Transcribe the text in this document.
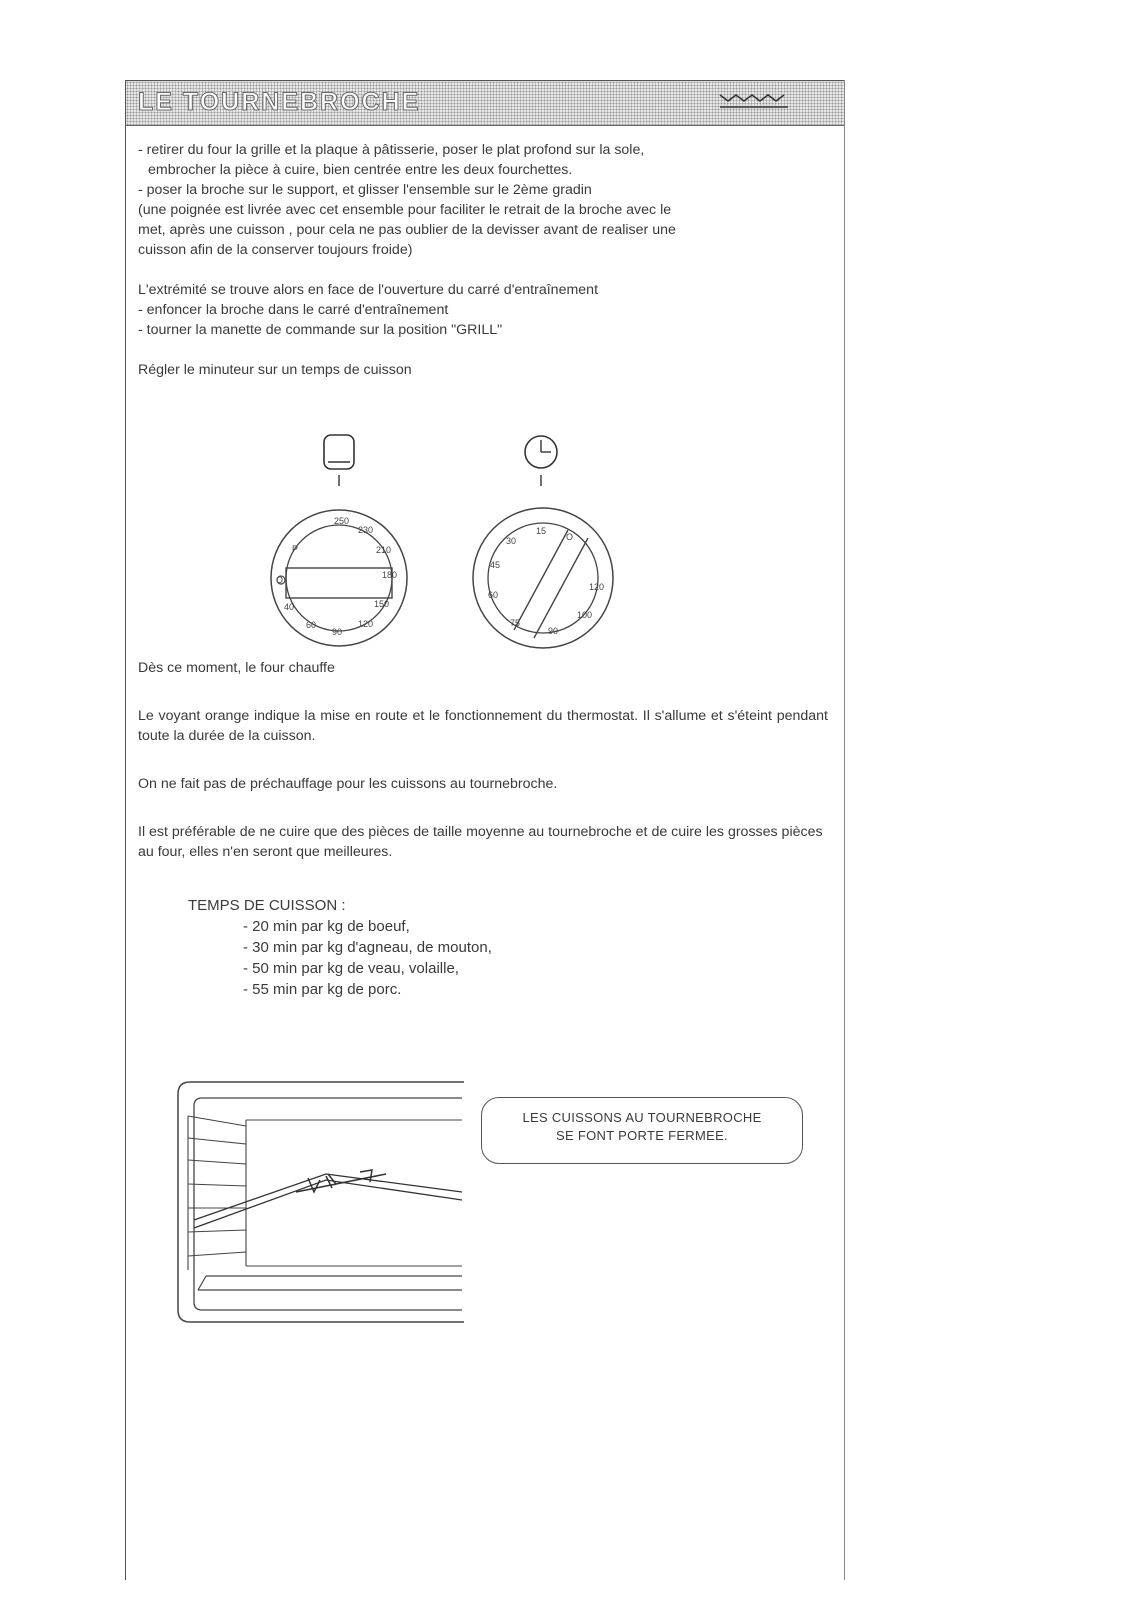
LE TOURNEBROCHE

- retirer du four la grille et la plaque à pâtisserie, poser le plat profond sur la sole,

embrocher la pièce à cuire, bien centrée entre les deux fourchettes.

- poser la broche sur le support, et glisser l'ensemble sur le 2ème gradin

(une poignée est livrée avec cet ensemble pour faciliter le retrait de la broche avec le

met, après une cuisson , pour cela ne pas oublier de la devisser avant de realiser une

cuisson afin de la conserver toujours froide)

L'extrémité se trouve alors en face de l'ouverture du carré d'entraînement

- enfoncer la broche dans le carré d'entraînement

- tourner la manette de commande sur la position "GRILL"

Régler le minuteur sur un temps de cuisson

250
230
210
180
150
120
90
60
40
P
O
15
O
120
100
90
75
60
45
30

Dès ce moment, le four chauffe

Le voyant orange indique la mise en route et le fonctionnement du thermostat. Il s'allume et s'éteint pendant toute la durée de la cuisson.

On ne fait pas de préchauffage pour les cuissons au tournebroche.

Il est préférable de ne cuire que des pièces de taille moyenne au tournebroche et de cuire les grosses pièces au four, elles n'en seront que meilleures.

TEMPS DE CUISSON :
- 20 min par kg de boeuf,
- 30 min par kg d'agneau, de mouton,
- 50 min par kg de veau, volaille,
- 55 min par kg de porc.
LES CUISSONS AU TOURNEBROCHE
SE FONT PORTE FERMEE.
